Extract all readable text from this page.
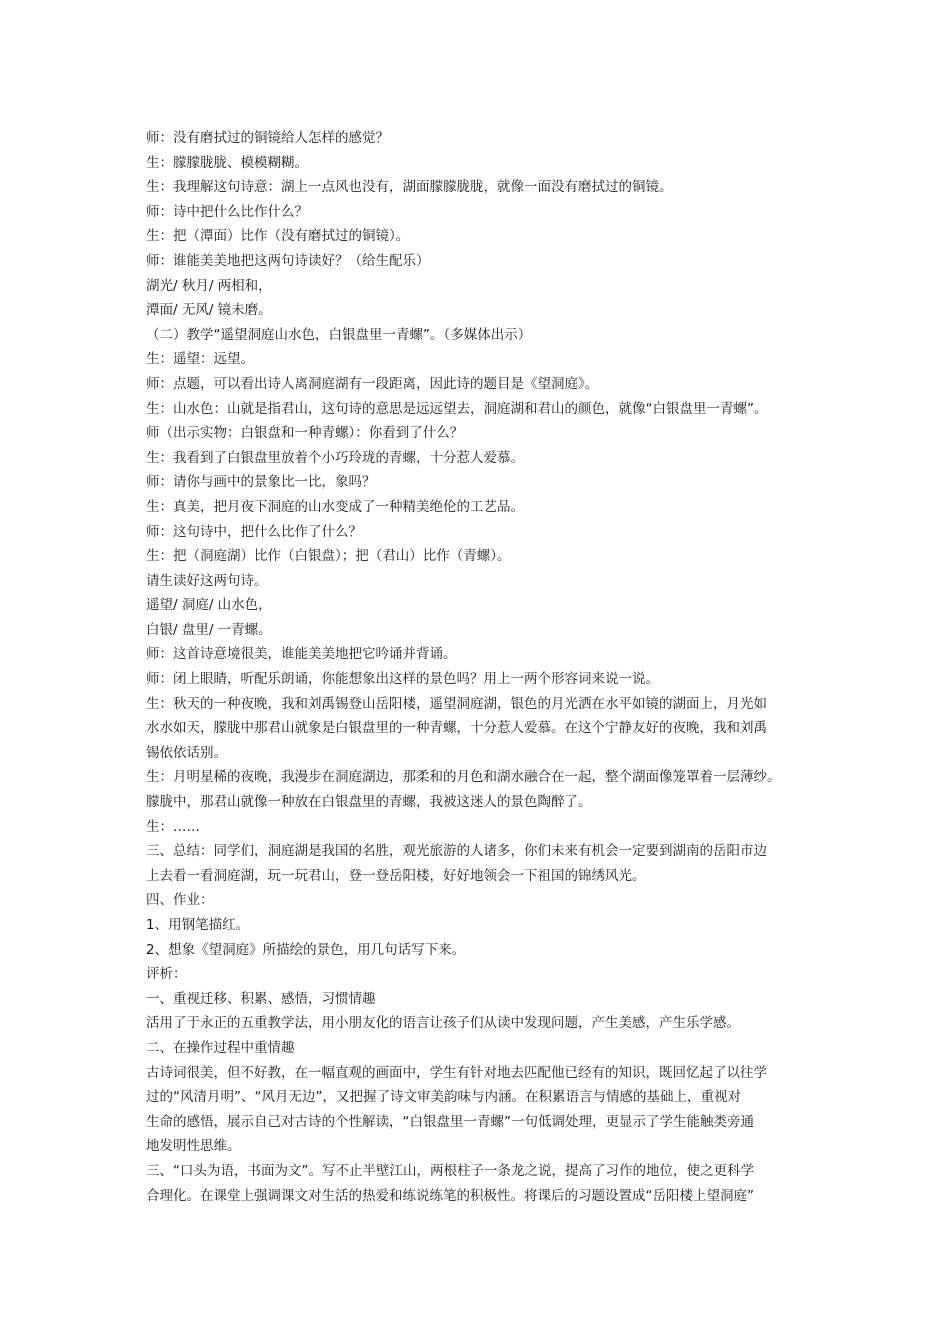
师：没有磨拭过的铜镜给人怎样的感觉？
生：朦朦胧胧、模模糊糊。
生：我理解这句诗意：湖上一点风也没有，湖面朦朦胧胧，就像一面没有磨拭过的铜镜。
师：诗中把什么比作什么？
生：把（潭面）比作（没有磨拭过的铜镜）。
师：谁能美美地把这两句诗读好？（给生配乐）
湖光/ 秋月/ 两相和，
潭面/ 无风/ 镜未磨。
（二）教学“遥望洞庭山水色，白银盘里一青螺”。（多媒体出示）
生：遥望：远望。
师：点题，可以看出诗人离洞庭湖有一段距离，因此诗的题目是《望洞庭》。
生：山水色：山就是指君山，这句诗的意思是远远望去，洞庭湖和君山的颜色，就像“白银盘里一青螺”。
师（出示实物：白银盘和一种青螺）：你看到了什么？
生：我看到了白银盘里放着个小巧玲珑的青螺，十分惹人爱慕。
师：请你与画中的景象比一比，象吗？
生：真美，把月夜下洞庭的山水变成了一种精美绝伦的工艺品。
师：这句诗中，把什么比作了什么？
生：把（洞庭湖）比作（白银盘）；把（君山）比作（青螺）。
请生读好这两句诗。
遥望/ 洞庭/ 山水色，
白银/ 盘里/ 一青螺。
师：这首诗意境很美，谁能美美地把它吟诵并背诵。
师：闭上眼睛，听配乐朗诵，你能想象出这样的景色吗？用上一两个形容词来说一说。
生：秋天的一种夜晚，我和刘禹锡登山岳阳楼，遥望洞庭湖，银色的月光洒在水平如镜的湖面上，月光如
水水如天，朦胧中那君山就象是白银盘里的一种青螺，十分惹人爱慕。在这个宁静友好的夜晚，我和刘禹
锡依依话别。
生：月明星稀的夜晚，我漫步在洞庭湖边，那柔和的月色和湖水融合在一起，整个湖面像笼罩着一层薄纱。
朦胧中，那君山就像一种放在白银盘里的青螺，我被这迷人的景色陶醉了。
生：……
三、总结：同学们，洞庭湖是我国的名胜，观光旅游的人诸多，你们未来有机会一定要到湖南的岳阳市边
上去看一看洞庭湖，玩一玩君山，登一登岳阳楼，好好地领会一下祖国的锦绣风光。
四、作业：
1、用钢笔描红。
2、想象《望洞庭》所描绘的景色，用几句话写下来。
评析：
一、重视迁移、积累、感悟，习惯情趣
活用了于永正的五重教学法，用小朋友化的语言让孩子们从读中发现问题，产生美感，产生乐学感。
二、在操作过程中重情趣
古诗词很美，但不好教，在一幅直观的画面中，学生有针对地去匹配他已经有的知识，既回忆起了以往学
过的“风清月明”、“风月无边”，又把握了诗文审美韵味与内涵。在积累语言与情感的基础上，重视对
生命的感悟，展示自己对古诗的个性解读，“白银盘里一青螺”一句低调处理，更显示了学生能触类旁通
地发明性思维。
三、“口头为语，书面为文”。写不止半壁江山，两根柱子一条龙之说，提高了习作的地位，使之更科学
合理化。在课堂上强调课文对生活的热爱和练说练笔的积极性。将课后的习题设置成“岳阳楼上望洞庭”
